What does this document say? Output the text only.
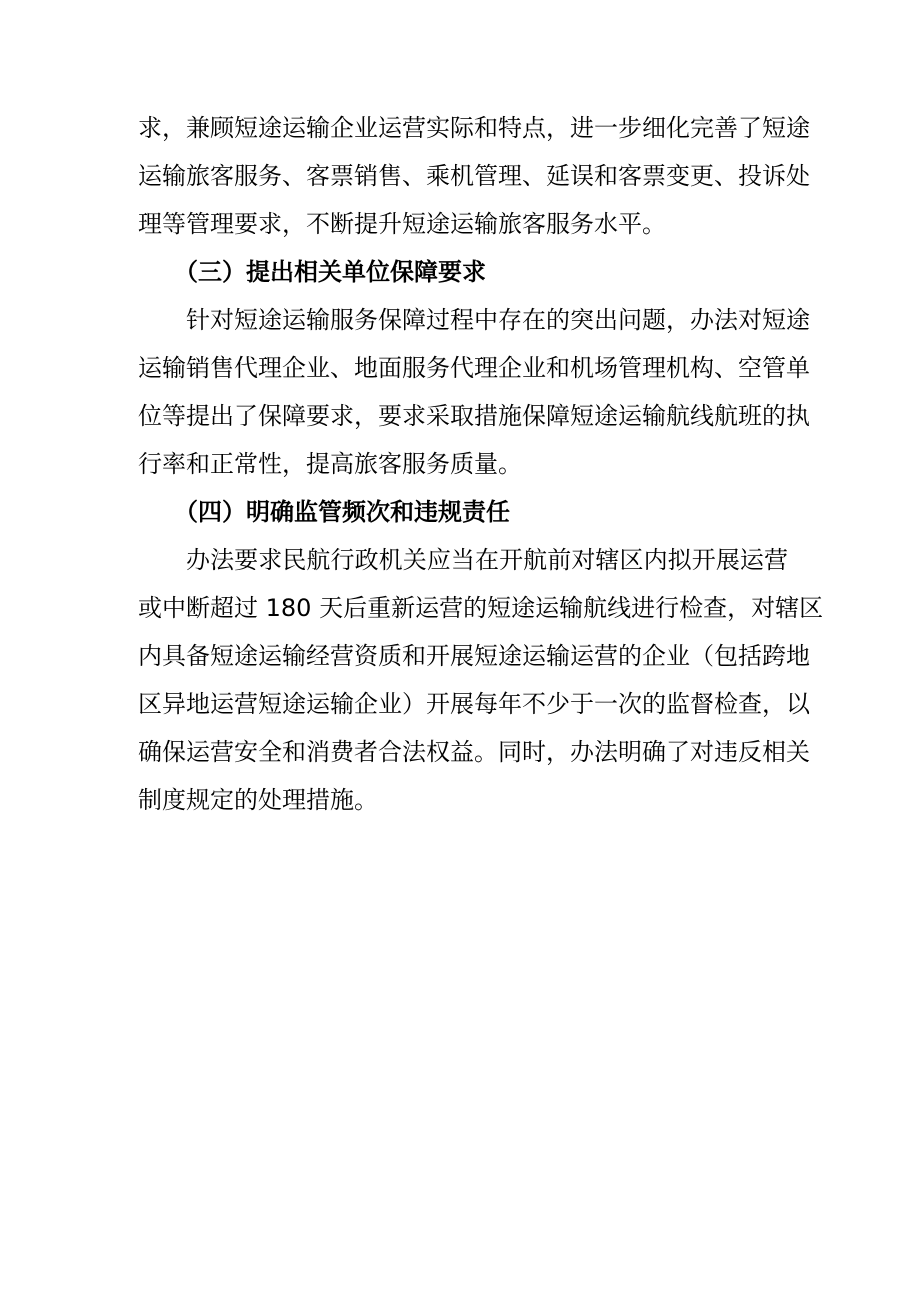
求，兼顾短途运输企业运营实际和特点，进一步细化完善了短途
运输旅客服务、客票销售、乘机管理、延误和客票变更、投诉处
理等管理要求，不断提升短途运输旅客服务水平。
（三）提出相关单位保障要求
针对短途运输服务保障过程中存在的突出问题，办法对短途
运输销售代理企业、地面服务代理企业和机场管理机构、空管单
位等提出了保障要求，要求采取措施保障短途运输航线航班的执
行率和正常性，提高旅客服务质量。
（四）明确监管频次和违规责任
办法要求民航行政机关应当在开航前对辖区内拟开展运营
或中断超过 180 天后重新运营的短途运输航线进行检查，对辖区
内具备短途运输经营资质和开展短途运输运营的企业（包括跨地
区异地运营短途运输企业）开展每年不少于一次的监督检查，以
确保运营安全和消费者合法权益。同时，办法明确了对违反相关
制度规定的处理措施。
